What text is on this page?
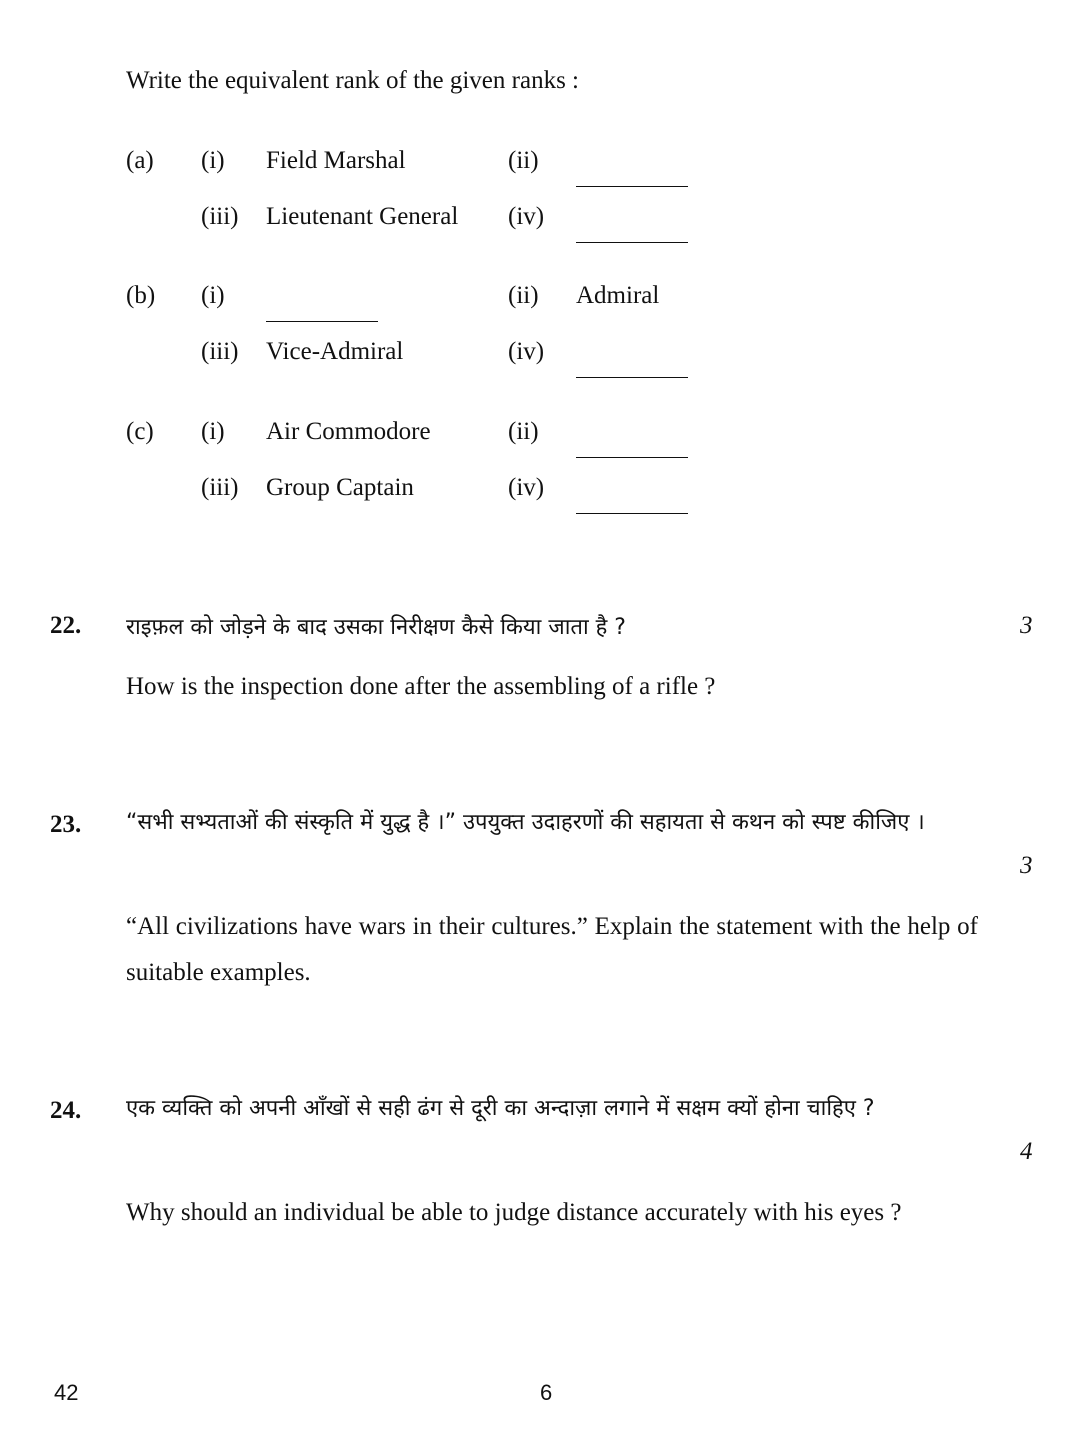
Write the equivalent rank of the given ranks :
(a) (i) Field Marshal	(ii)
(iii) Lieutenant General (iv)
(b) (i)	(ii) Admiral
(iii) Vice-Admiral	(iv)
(c) (i) Air Commodore	(ii)
(iii) Group Captain	(iv)
22. राइफ़ल को जोड़ने के बाद उसका निरीक्षण कैसे किया जाता है ?	3
How is the inspection done after the assembling of a rifle ?
23. “सभी सभ्यताओं की संस्कृति में युद्ध है ।” उपयुक्त उदाहरणों की सहायता से कथन को स्पष्ट कीजिए ।
3
“All civilizations have wars in their cultures.” Explain the statement with the help of suitable examples.
24. एक व्यक्ति को अपनी आँखों से सही ढंग से दूरी का अन्दाज़ा लगाने में सक्षम क्यों होना चाहिए ?
4
Why should an individual be able to judge distance accurately with his eyes ?
42	6
